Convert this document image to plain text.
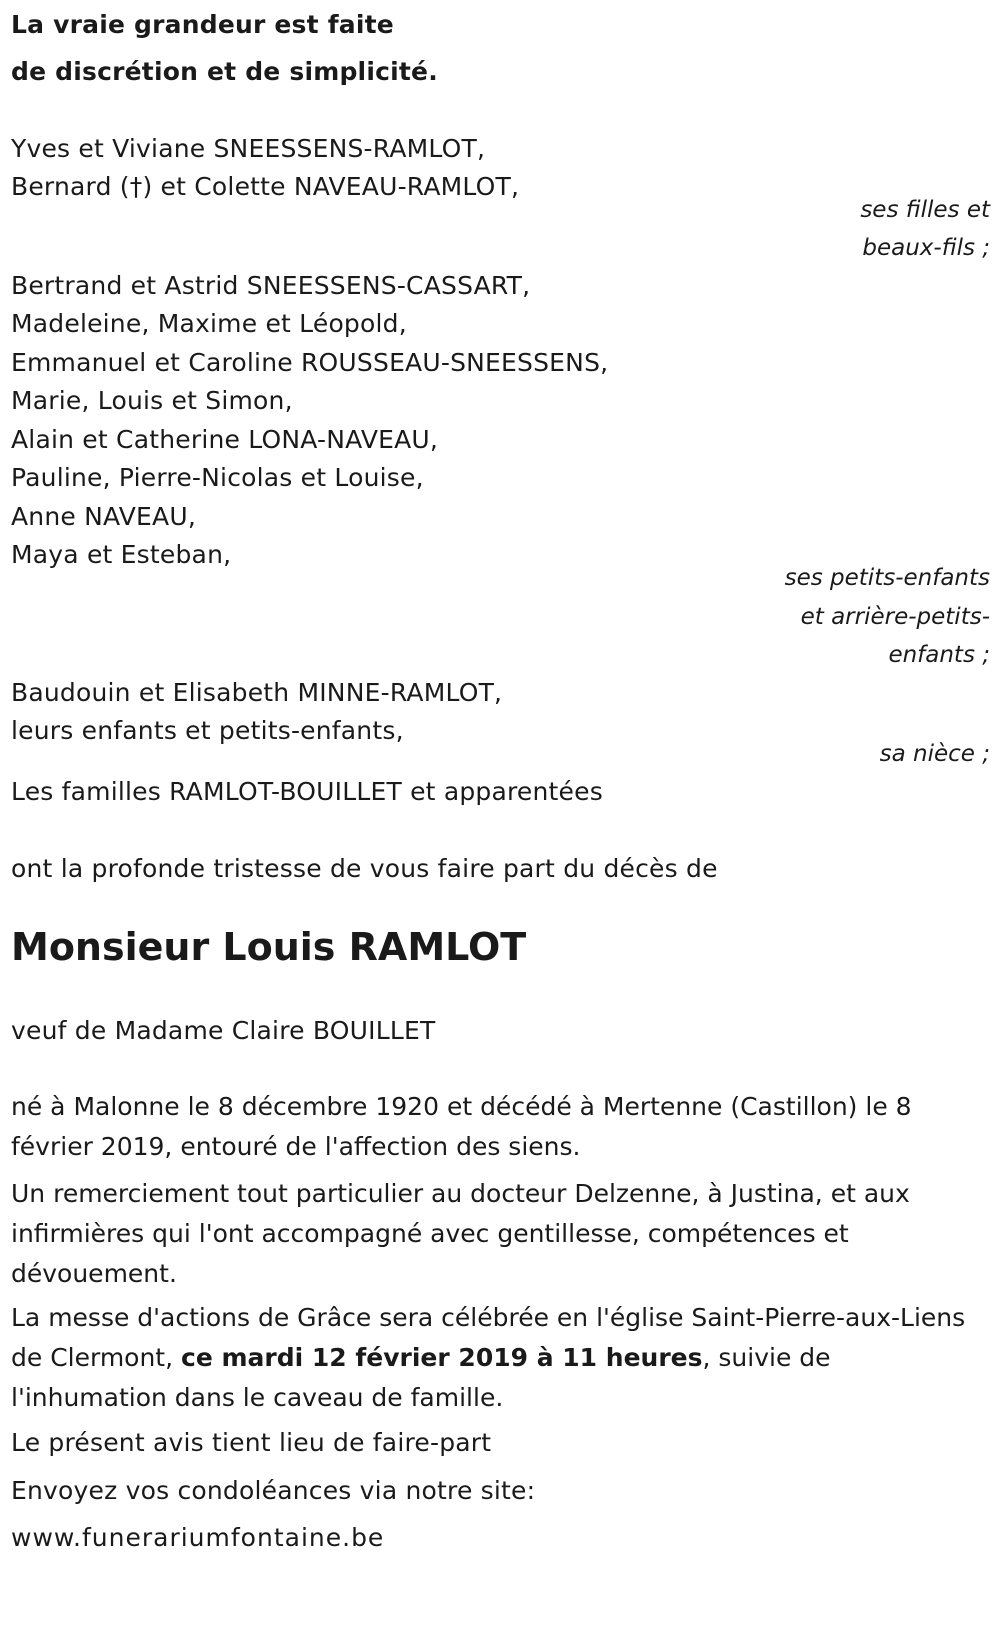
La vraie grandeur est faite
de discrétion et de simplicité.
Yves et Viviane SNEESSENS-RAMLOT,
Bernard (†) et Colette NAVEAU-RAMLOT,
ses filles et
beaux-fils ;
Bertrand et Astrid SNEESSENS-CASSART,
Madeleine, Maxime et Léopold,
Emmanuel et Caroline ROUSSEAU-SNEESSENS,
Marie, Louis et Simon,
Alain et Catherine LONA-NAVEAU,
Pauline, Pierre-Nicolas et Louise,
Anne NAVEAU,
Maya et Esteban,
ses petits-enfants
et arrière-petits-
enfants ;
Baudouin et Elisabeth MINNE-RAMLOT,
leurs enfants et petits-enfants,
sa nièce ;
Les familles RAMLOT-BOUILLET et apparentées
ont la profonde tristesse de vous faire part du décès de
Monsieur Louis RAMLOT
veuf de Madame Claire BOUILLET
né à Malonne le 8 décembre 1920 et décédé à Mertenne (Castillon) le 8 février 2019, entouré de l'affection des siens.
Un remerciement tout particulier au docteur Delzenne, à Justina, et aux infirmières qui l'ont accompagné avec gentillesse, compétences et dévouement.
La messe d'actions de Grâce sera célébrée en l'église Saint-Pierre-aux-Liens de Clermont, ce mardi 12 février 2019 à 11 heures, suivie de l'inhumation dans le caveau de famille.
Le présent avis tient lieu de faire-part
Envoyez vos condoléances via notre site:
www.funerariumfontaine.be
